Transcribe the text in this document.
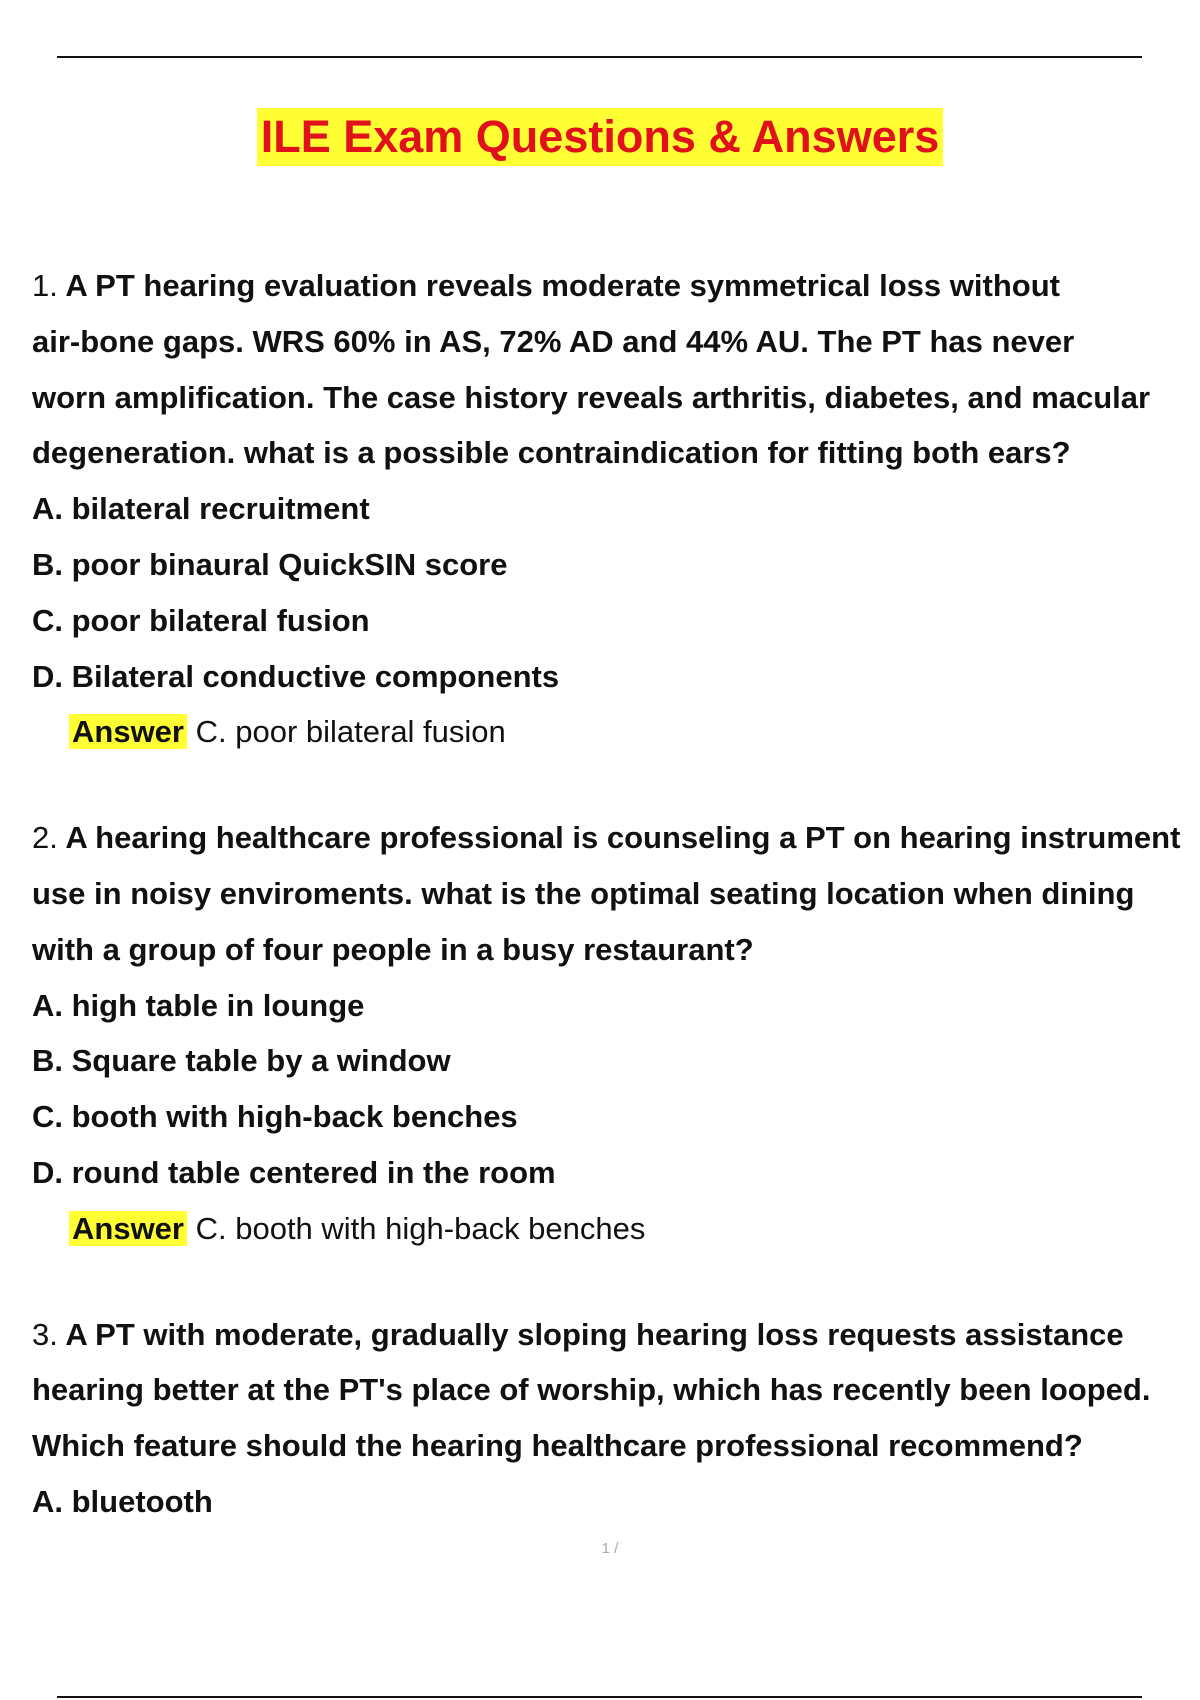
ILE Exam Questions & Answers

1. A PT hearing evaluation reveals moderate symmetrical loss without

air-bone gaps. WRS 60% in AS, 72% AD and 44% AU. The PT has never

worn amplification. The case history reveals arthritis, diabetes, and macular

degeneration. what is a possible contraindication for fitting both ears?

A. bilateral recruitment
B. poor binaural QuickSIN score
C. poor bilateral fusion
D. Bilateral conductive components
Answer C. poor bilateral fusion

2. A hearing healthcare professional is counseling a PT on hearing instrument

use in noisy enviroments. what is the optimal seating location when dining

with a group of four people in a busy restaurant?

A. high table in lounge
B. Square table by a window
C. booth with high-back benches
D. round table centered in the room
Answer C. booth with high-back benches

3. A PT with moderate, gradually sloping hearing loss requests assistance

hearing better at the PT's place of worship, which has recently been looped.

Which feature should the hearing healthcare professional recommend?

A. bluetooth
1 /
